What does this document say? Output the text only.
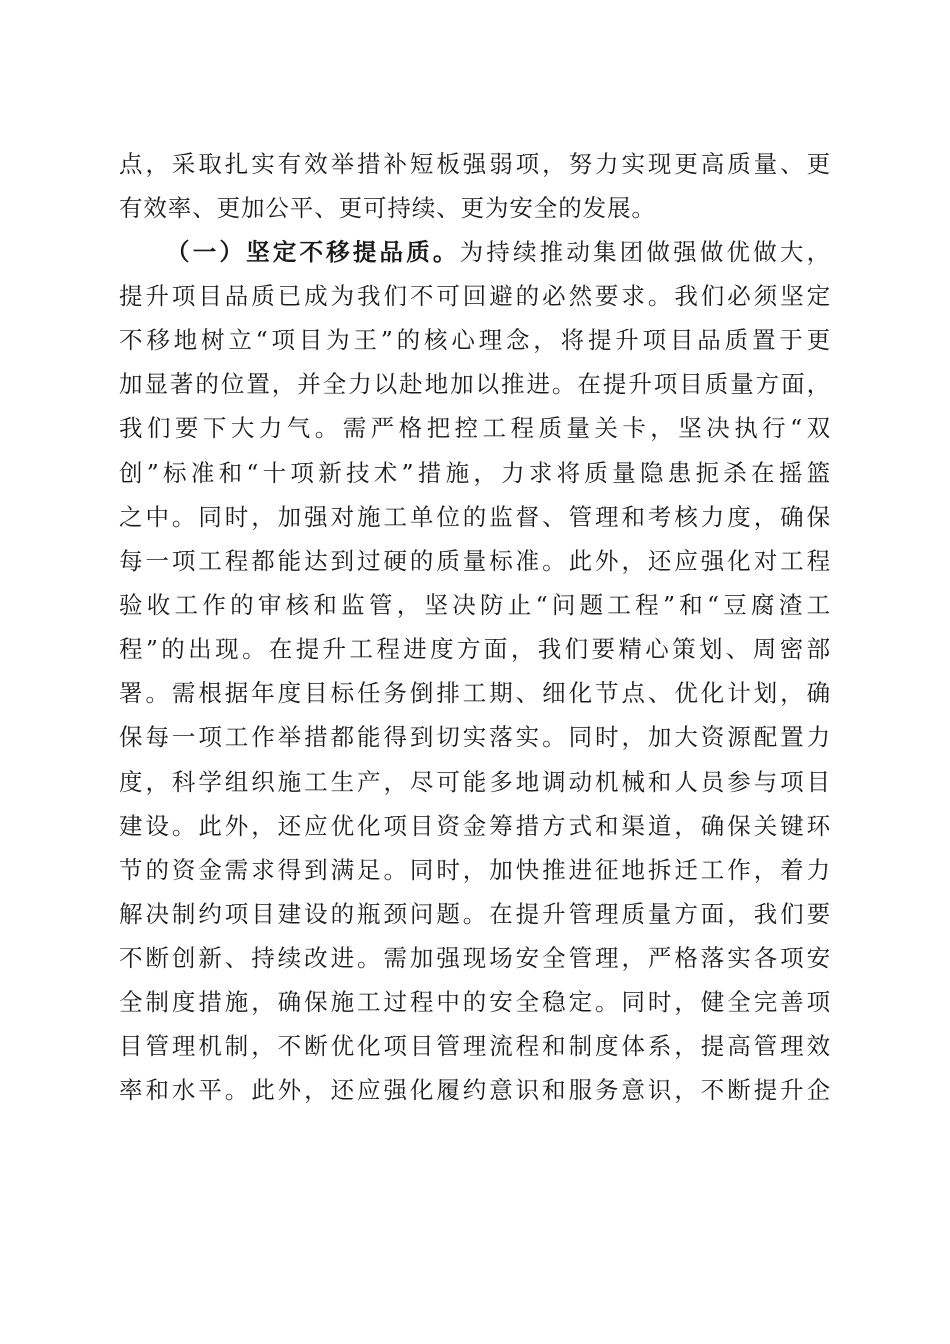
点，采取扎实有效举措补短板强弱项，努力实现更高质量、更
有效率、更加公平、更可持续、更为安全的发展。
（一）坚定不移提品质。为持续推动集团做强做优做大，
提升项目品质已成为我们不可回避的必然要求。我们必须坚定
不移地树立“项目为王”的核心理念，将提升项目品质置于更
加显著的位置，并全力以赴地加以推进。在提升项目质量方面，
我们要下大力气。需严格把控工程质量关卡，坚决执行“双
创”标准和“十项新技术”措施，力求将质量隐患扼杀在摇篮
之中。同时，加强对施工单位的监督、管理和考核力度，确保
每一项工程都能达到过硬的质量标准。此外，还应强化对工程
验收工作的审核和监管，坚决防止“问题工程”和“豆腐渣工
程”的出现。在提升工程进度方面，我们要精心策划、周密部
署。需根据年度目标任务倒排工期、细化节点、优化计划，确
保每一项工作举措都能得到切实落实。同时，加大资源配置力
度，科学组织施工生产，尽可能多地调动机械和人员参与项目
建设。此外，还应优化项目资金筹措方式和渠道，确保关键环
节的资金需求得到满足。同时，加快推进征地拆迁工作，着力
解决制约项目建设的瓶颈问题。在提升管理质量方面，我们要
不断创新、持续改进。需加强现场安全管理，严格落实各项安
全制度措施，确保施工过程中的安全稳定。同时，健全完善项
目管理机制，不断优化项目管理流程和制度体系，提高管理效
率和水平。此外，还应强化履约意识和服务意识，不断提升企
